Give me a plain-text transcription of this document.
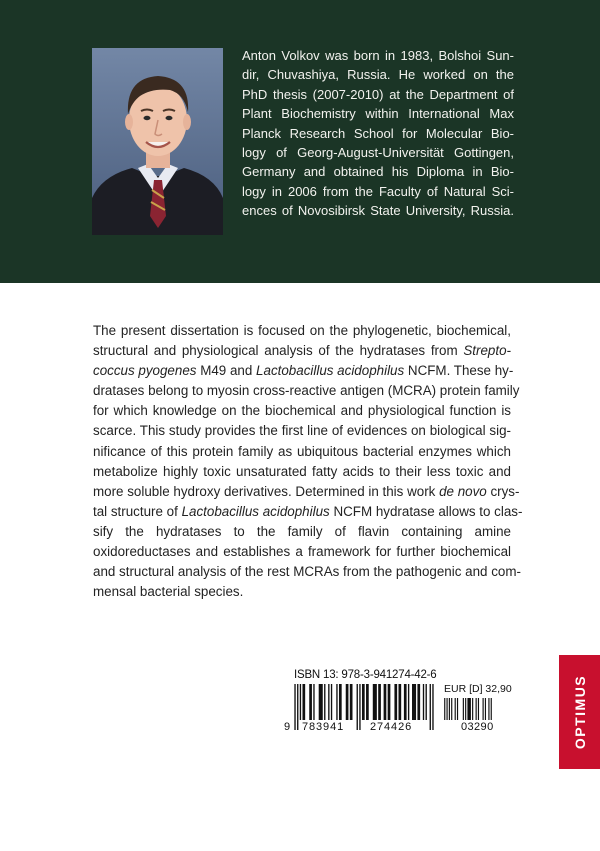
Anton Volkov was born in 1983, Bolshoi Sun-
dir, Chuvashiya, Russia. He worked on the
PhD thesis (2007-2010) at the Department of
Plant Biochemistry within International Max
Planck Research School for Molecular Bio-
logy of Georg-August-Universität Gottingen,
Germany and obtained his Diploma in Bio-
logy in 2006 from the Faculty of Natural Sci-
ences of Novosibirsk State University, Russia.
The present dissertation is focused on the phylogenetic, biochemical,
structural and physiological analysis of the hydratases from Strepto-
coccus pyogenes M49 and Lactobacillus acidophilus NCFM. These hy-
dratases belong to myosin cross-reactive antigen (MCRA) protein family
for which knowledge on the biochemical and physiological function is
scarce. This study provides the first line of evidences on biological sig-
nificance of this protein family as ubiquitous bacterial enzymes which
metabolize highly toxic unsaturated fatty acids to their less toxic and
more soluble hydroxy derivatives. Determined in this work de novo crys-
tal structure of Lactobacillus acidophilus NCFM hydratase allows to clas-
sify the hydratases to the family of flavin containing amine
oxidoreductases and establishes a framework for further biochemical
and structural analysis of the rest MCRAs from the pathogenic and com-
mensal bacterial species.
ISBN 13: 978-3-941274-42-6
EUR [D] 32,90
9 783941 274426	03290	OPTIMUS
